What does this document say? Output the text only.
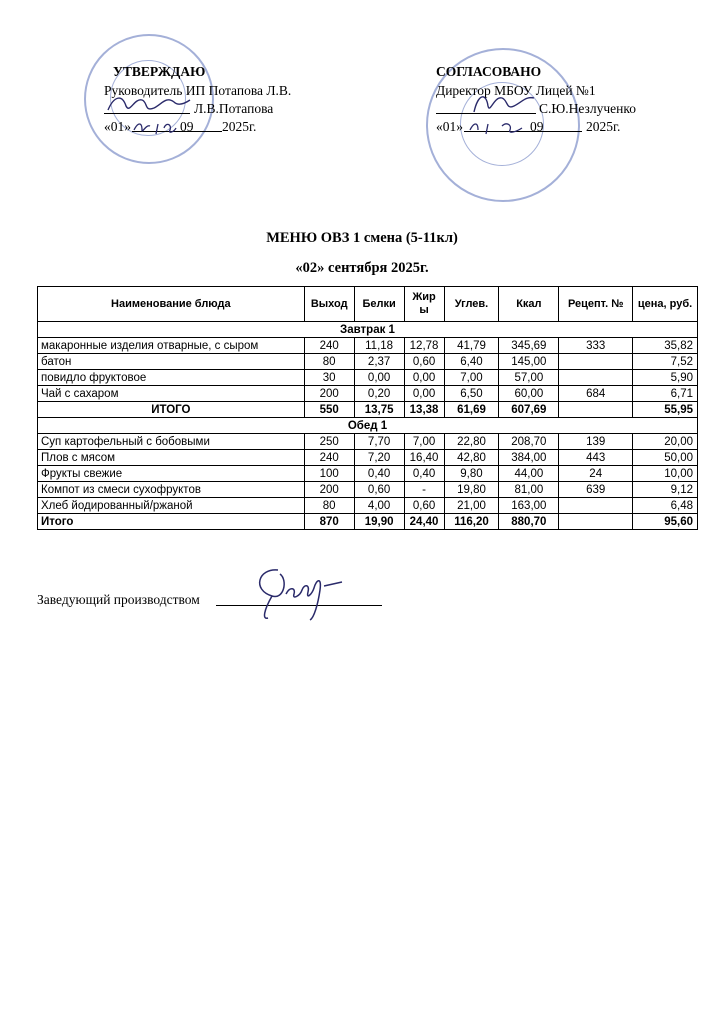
УТВЕРЖДАЮ
Руководитель ИП Потапова Л.В.
Л.В.Потапова
«01»	09 2025г.
СОГЛАСОВАНО
Директор МБОУ Лицей №1
С.Ю.Незлученко
«01»	09	2025г.
МЕНЮ ОВЗ 1 смена (5-11кл)
«02» сентября 2025г.
Наименование блюда	Выход	Белки	Жир ы	Углев.	Ккал	Рецепт. №	цена, руб.
Завтрак 1							
макаронные изделия отварные, с сыром	240	11,18	12,78	41,79	345,69	333	35,82
батон	80	2,37	0,60	6,40	145,00		7,52
повидло фруктовое	30	0,00	0,00	7,00	57,00		5,90
Чай с сахаром	200	0,20	0,00	6,50	60,00	684	6,71
ИТОГО	550	13,75	13,38	61,69	607,69		55,95
Обед 1							
Суп картофельный с бобовыми	250	7,70	7,00	22,80	208,70	139	20,00
Плов с мясом	240	7,20	16,40	42,80	384,00	443	50,00
Фрукты свежие	100	0,40	0,40	9,80	44,00	24	10,00
Компот из смеси сухофруктов	200	0,60	-	19,80	81,00	639	9,12
Хлеб йодированный/ржаной	80	4,00	0,60	21,00	163,00		6,48
Итого	870	19,90	24,40	116,20	880,70		95,60
Заведующий производством
